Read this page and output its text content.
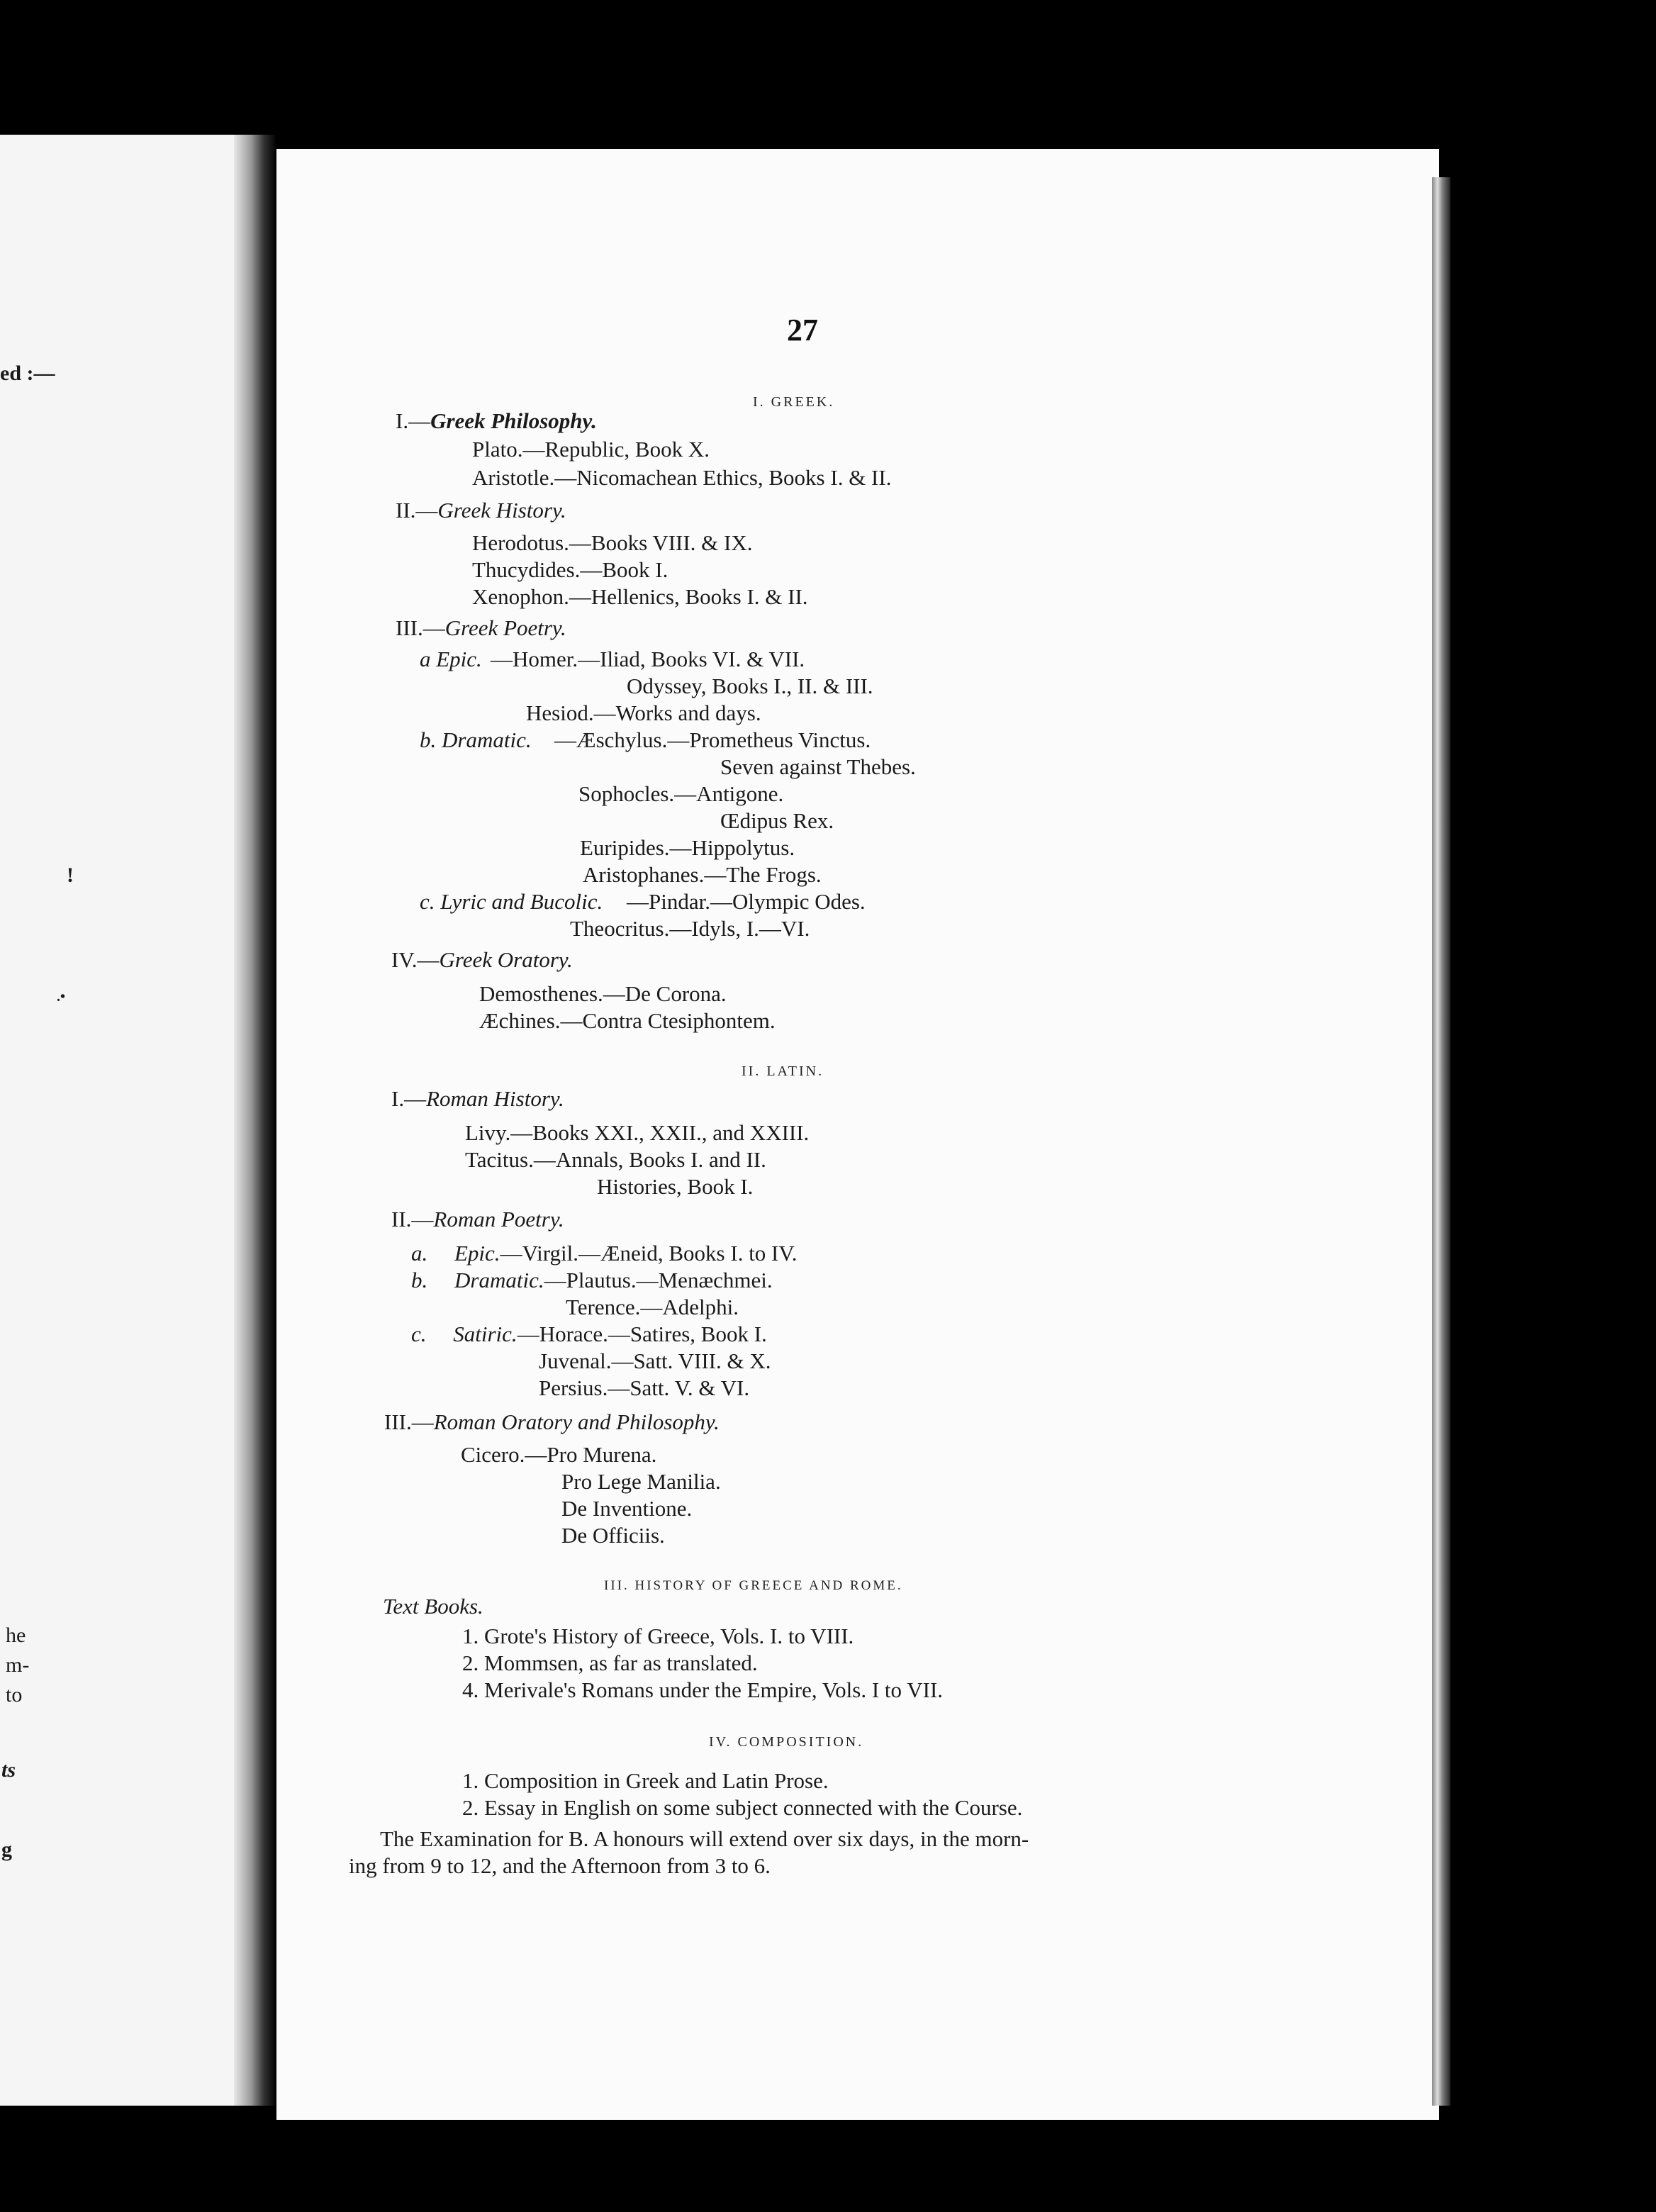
ed :—
!
.•
he
m-
to
ts
g
27
I. GREEK.
I.—Greek Philosophy.
Plato.—Republic, Book X.
Aristotle.—Nicomachean Ethics, Books I. & II.
II.—Greek History.
Herodotus.—Books VIII. & IX.
Thucydides.—Book I.
Xenophon.—Hellenics, Books I. & II.
III.—Greek Poetry.
a Epic. —Homer.—Iliad, Books VI. & VII.
Odyssey, Books I., II. & III.
Hesiod.—Works and days.
b. Dramatic. —Æschylus.—Prometheus Vinctus.
Seven against Thebes.
Sophocles.—Antigone.
Œdipus Rex.
Euripides.—Hippolytus.
Aristophanes.—The Frogs.
c. Lyric and Bucolic. —Pindar.—Olympic Odes.
Theocritus.—Idyls, I.—VI.
IV.—Greek Oratory.
Demosthenes.—De Corona.
Æchines.—Contra Ctesiphontem.
II. LATIN.
I.—Roman History.
Livy.—Books XXI., XXII., and XXIII.
Tacitus.—Annals, Books I. and II.
Histories, Book I.
II.—Roman Poetry.
a. Epic.—Virgil.—Æneid, Books I. to IV.
b. Dramatic.—Plautus.—Menæchmei.
Terence.—Adelphi.
c. Satiric.—Horace.—Satires, Book I.
Juvenal.—Satt. VIII. & X.
Persius.—Satt. V. & VI.
III.—Roman Oratory and Philosophy.
Cicero.—Pro Murena.
Pro Lege Manilia.
De Inventione.
De Officiis.
III. HISTORY OF GREECE AND ROME.
Text Books.
1. Grote's History of Greece, Vols. I. to VIII.
2. Mommsen, as far as translated.
4. Merivale's Romans under the Empire, Vols. I to VII.
IV. COMPOSITION.
1. Composition in Greek and Latin Prose.
2. Essay in English on some subject connected with the Course.
The Examination for B. A honours will extend over six days, in the morn-
ing from 9 to 12, and the Afternoon from 3 to 6.
